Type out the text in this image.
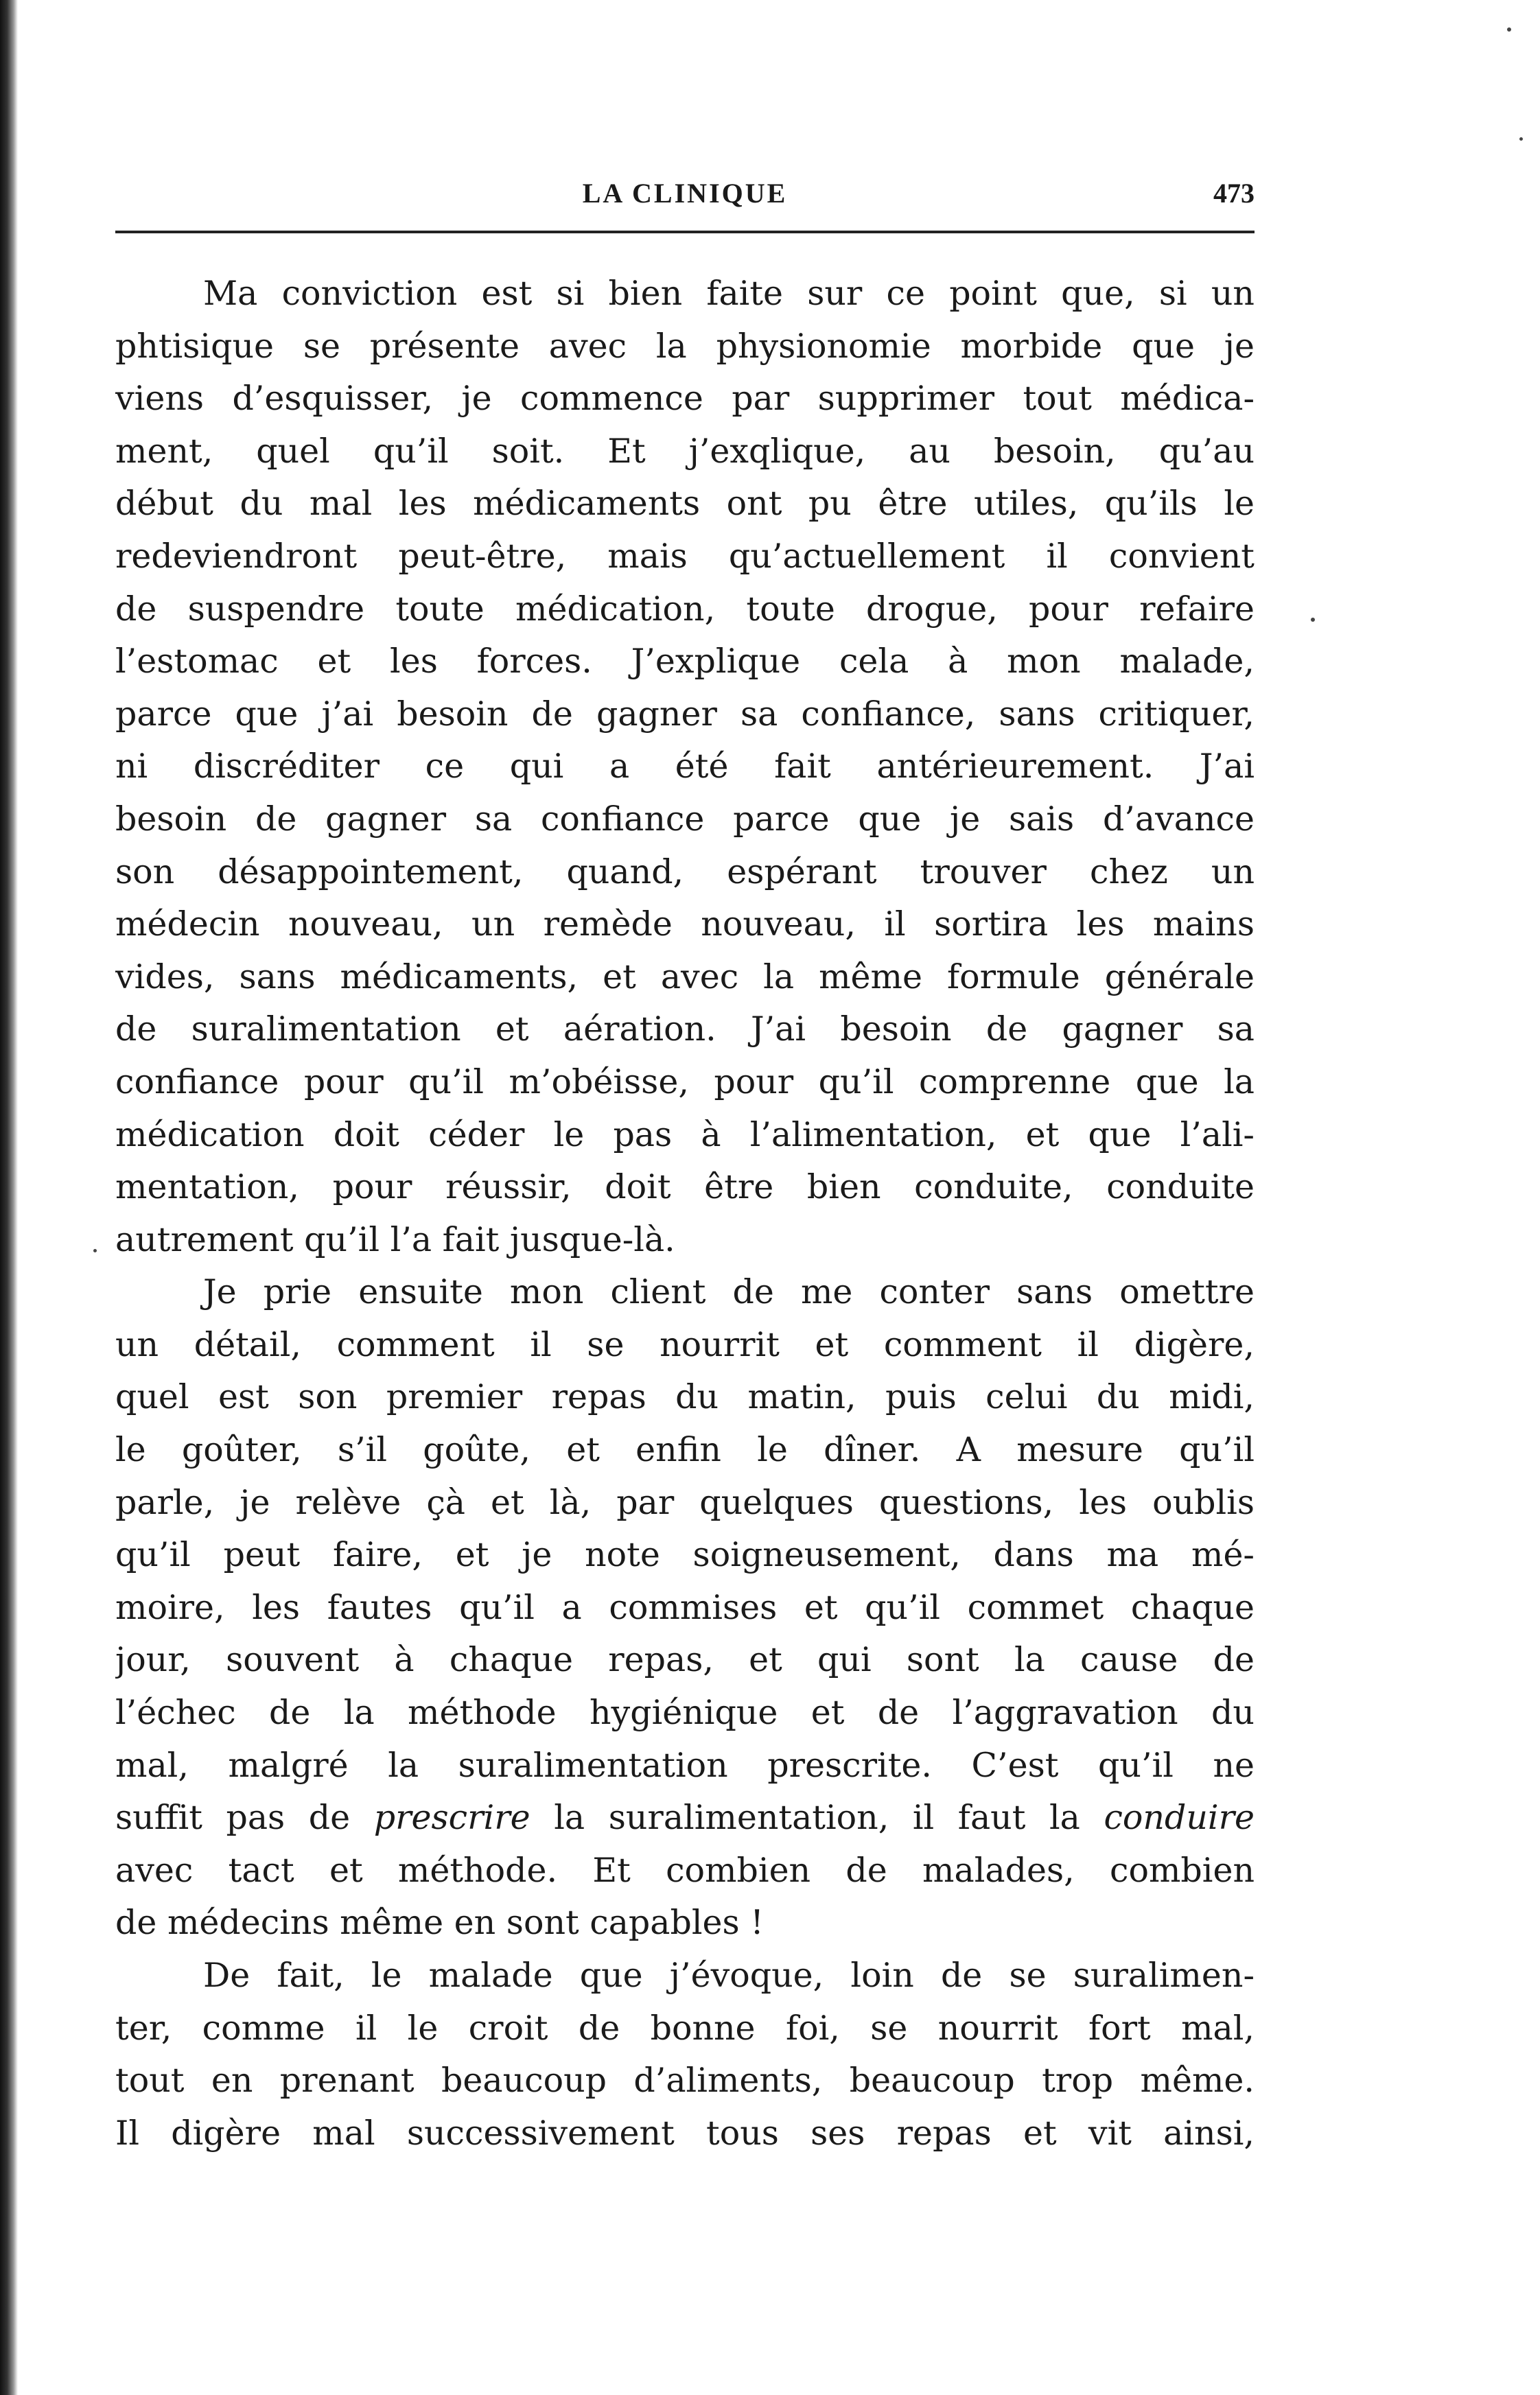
LA CLINIQUE	473
Ma conviction est si bien faite sur ce point que, si un
phtisique se présente avec la physionomie morbide que je
viens d’esquisser, je commence par supprimer tout médica-
ment, quel qu’il soit. Et j’exqlique, au besoin, qu’au
début du mal les médicaments ont pu être utiles, qu’ils le
redeviendront peut-être, mais qu’actuellement il convient
de suspendre toute médication, toute drogue, pour refaire
l’estomac et les forces. J’explique cela à mon malade,
parce que j’ai besoin de gagner sa confiance, sans critiquer,
ni discréditer ce qui a été fait antérieurement. J’ai
besoin de gagner sa confiance parce que je sais d’avance
son désappointement, quand, espérant trouver chez un
médecin nouveau, un remède nouveau, il sortira les mains
vides, sans médicaments, et avec la même formule générale
de suralimentation et aération. J’ai besoin de gagner sa
confiance pour qu’il m’obéisse, pour qu’il comprenne que la
médication doit céder le pas à l’alimentation, et que l’ali-
mentation, pour réussir, doit être bien conduite, conduite
autrement qu’il l’a fait jusque-là.
Je prie ensuite mon client de me conter sans omettre
un détail, comment il se nourrit et comment il digère,
quel est son premier repas du matin, puis celui du midi,
le goûter, s’il goûte, et enfin le dîner. A mesure qu’il
parle, je relève çà et là, par quelques questions, les oublis
qu’il peut faire, et je note soigneusement, dans ma mé-
moire, les fautes qu’il a commises et qu’il commet chaque
jour, souvent à chaque repas, et qui sont la cause de
l’échec de la méthode hygiénique et de l’aggravation du
mal, malgré la suralimentation prescrite. C’est qu’il ne
suffit pas de prescrire la suralimentation, il faut la conduire
avec tact et méthode. Et combien de malades, combien
de médecins même en sont capables !
De fait, le malade que j’évoque, loin de se suralimen-
ter, comme il le croit de bonne foi, se nourrit fort mal,
tout en prenant beaucoup d’aliments, beaucoup trop même.
Il digère mal successivement tous ses repas et vit ainsi,
